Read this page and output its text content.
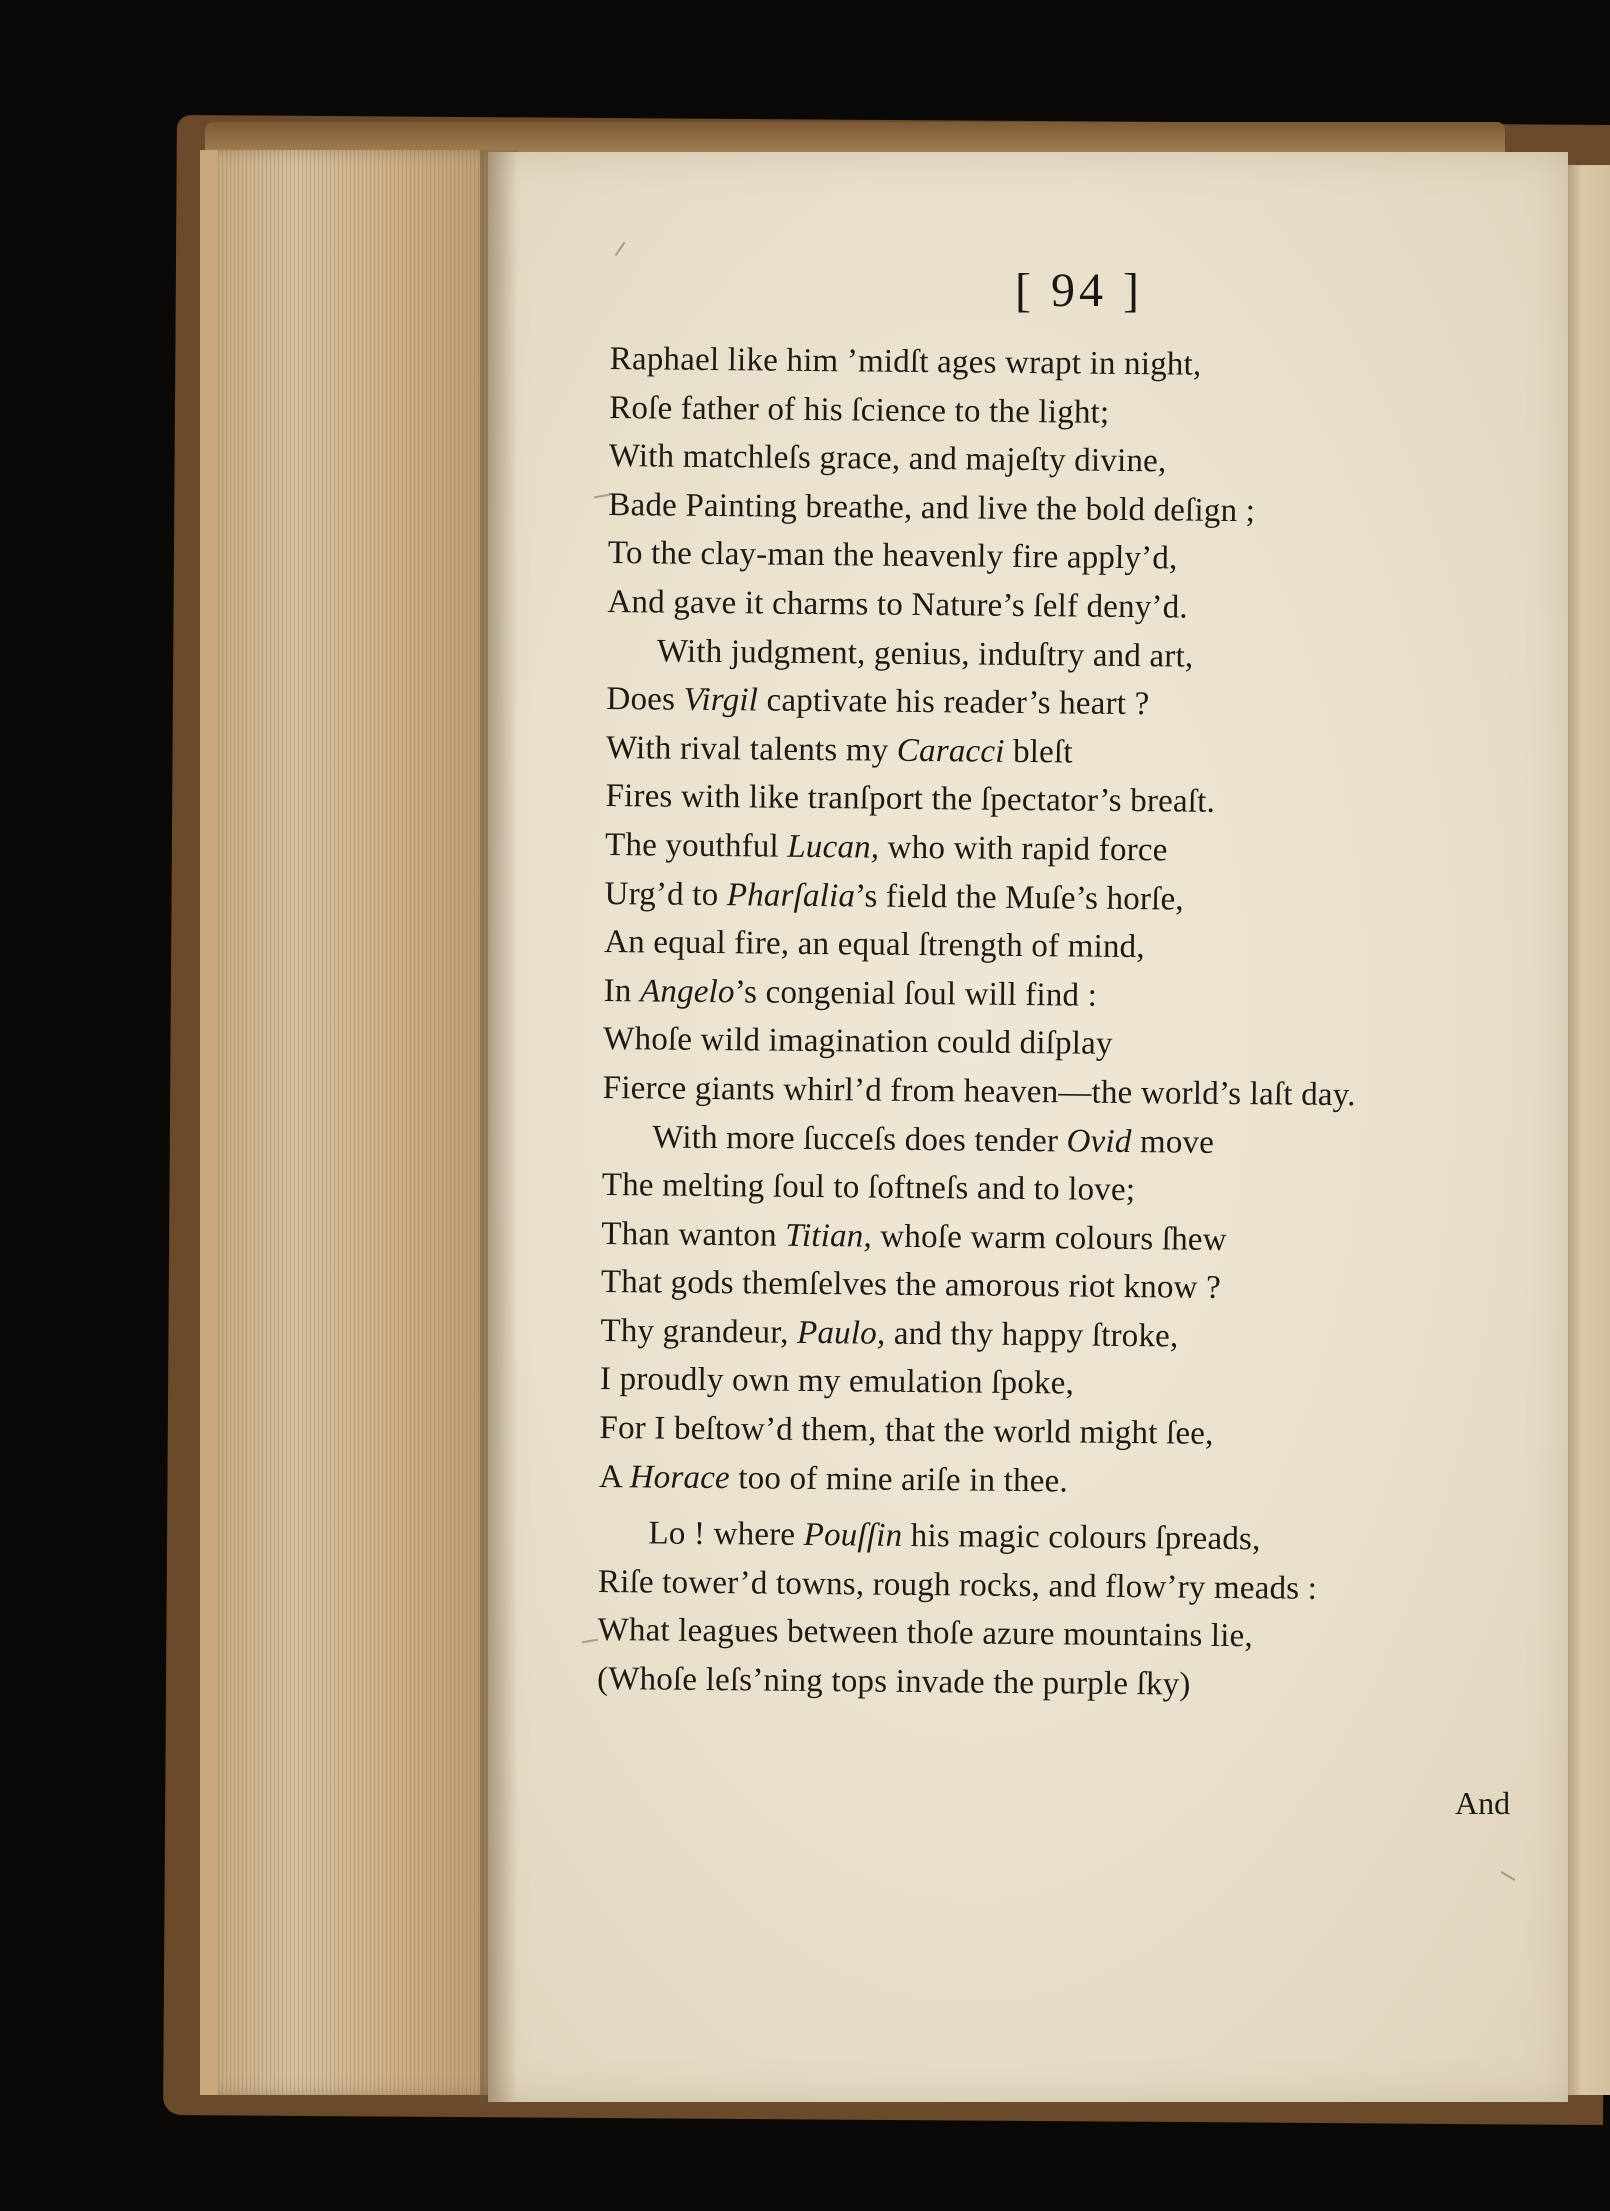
[ 94 ]
Raphael like him ’midſt ages wrapt in night,
Roſe father of his ſcience to the light;
With matchleſs grace, and majeſty divine,
Bade Painting breathe, and live the bold deſign ;
To the clay-man the heavenly fire apply’d,
And gave it charms to Nature’s ſelf deny’d.
With judgment, genius, induſtry and art,
Does Virgil captivate his reader’s heart ?
With rival talents my Caracci bleſt
Fires with like tranſport the ſpectator’s breaſt.
The youthful Lucan, who with rapid force
Urg’d to Pharſalia’s field the Muſe’s horſe,
An equal fire, an equal ſtrength of mind,
In Angelo’s congenial ſoul will find :
Whoſe wild imagination could diſplay
Fierce giants whirl’d from heaven—the world’s laſt day.
With more ſucceſs does tender Ovid move
The melting ſoul to ſoftneſs and to love;
Than wanton Titian, whoſe warm colours ſhew
That gods themſelves the amorous riot know ?
Thy grandeur, Paulo, and thy happy ſtroke,
I proudly own my emulation ſpoke,
For I beſtow’d them, that the world might ſee,
A Horace too of mine ariſe in thee.
Lo ! where Pouſſin his magic colours ſpreads,
Riſe tower’d towns, rough rocks, and flow’ry meads :
What leagues between thoſe azure mountains lie,
(Whoſe leſs’ning tops invade the purple ſky)
And
